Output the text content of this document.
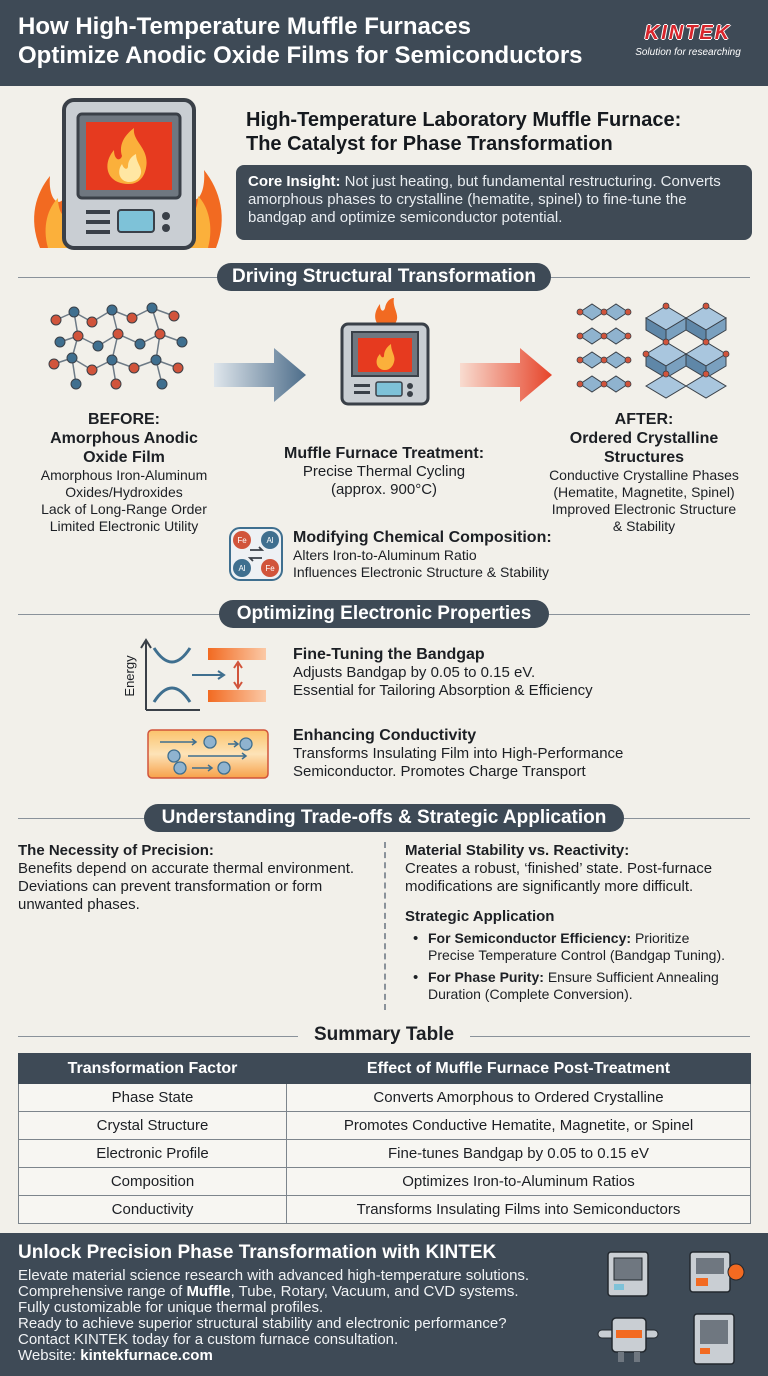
How High-Temperature Muffle Furnaces
Optimize Anodic Oxide Films for Semiconductors
KINTEK
Solution for researching
High-Temperature Laboratory Muffle Furnace:
The Catalyst for Phase Transformation
Core Insight: Not just heating, but fundamental restructuring. Converts amorphous phases to crystalline (hematite, spinel) to fine-tune the bandgap and optimize semiconductor potential.
Driving Structural Transformation
BEFORE:
Amorphous Anodic
Oxide Film
Amorphous Iron-Aluminum
Oxides/Hydroxides
Lack of Long-Range Order
Limited Electronic Utility
Muffle Furnace Treatment:
Precise Thermal Cycling
(approx. 900°C)
AFTER:
Ordered Crystalline
Structures
Conductive Crystalline Phases
(Hematite, Magnetite, Spinel)
Improved Electronic Structure
& Stability
Fe Al
Al Fe
Modifying Chemical Composition:
Alters Iron-to-Aluminum Ratio
Influences Electronic Structure & Stability
Optimizing Electronic Properties
Energy
Fine-Tuning the Bandgap
Adjusts Bandgap by 0.05 to 0.15 eV.
Essential for Tailoring Absorption & Efficiency
Enhancing Conductivity
Transforms Insulating Film into High-Performance
Semiconductor. Promotes Charge Transport
Understanding Trade-offs & Strategic Application
The Necessity of Precision:
Benefits depend on accurate thermal environment.
Deviations can prevent transformation or form
unwanted phases.
Material Stability vs. Reactivity:
Creates a robust, ‘finished’ state. Post-furnace
modifications are significantly more difficult.
Strategic Application
• For Semiconductor Efficiency: Prioritize
Precise Temperature Control (Bandgap Tuning).
• For Phase Purity: Ensure Sufficient Annealing
Duration (Complete Conversion).
Summary Table
Transformation Factor	Effect of Muffle Furnace Post-Treatment
Phase State	Converts Amorphous to Ordered Crystalline
Crystal Structure	Promotes Conductive Hematite, Magnetite, or Spinel
Electronic Profile	Fine-tunes Bandgap by 0.05 to 0.15 eV
Composition	Optimizes Iron-to-Aluminum Ratios
Conductivity	Transforms Insulating Films into Semiconductors
Unlock Precision Phase Transformation with KINTEK
Elevate material science research with advanced high-temperature solutions.
Comprehensive range of Muffle, Tube, Rotary, Vacuum, and CVD systems.
Fully customizable for unique thermal profiles.
Ready to achieve superior structural stability and electronic performance?
Contact KINTEK today for a custom furnace consultation.
Website: kintekfurnace.com
